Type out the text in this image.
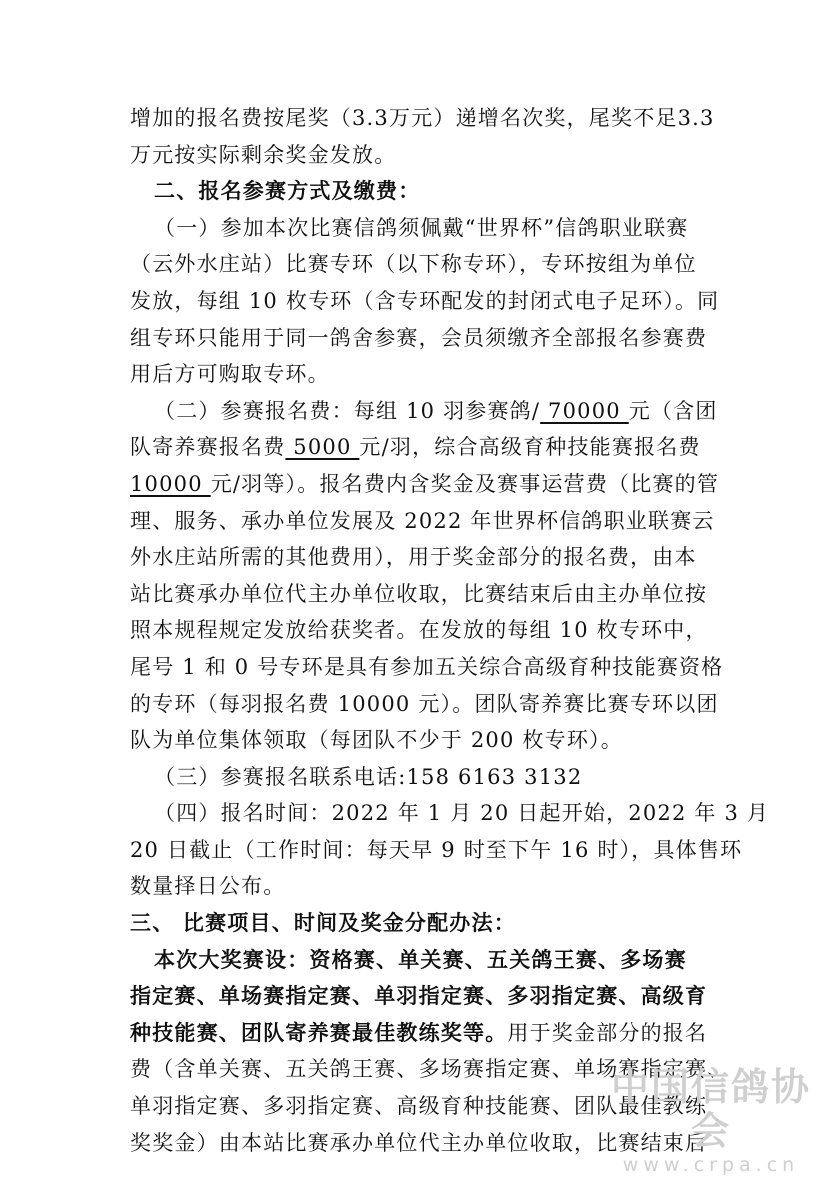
增加的报名费按尾奖（3.3万元）递增名次奖，尾奖不足3.3
万元按实际剩余奖金发放。
二、报名参赛方式及缴费：
（一）参加本次比赛信鸽须佩戴“世界杯”信鸽职业联赛
（云外水庄站）比赛专环（以下称专环），专环按组为单位
发放，每组 10 枚专环（含专环配发的封闭式电子足环）。同
组专环只能用于同一鸽舍参赛，会员须缴齐全部报名参赛费
用后方可购取专环。
（二）参赛报名费：每组 10 羽参赛鸽/ 70000 元（含团
队寄养赛报名费 5000 元/羽，综合高级育种技能赛报名费
10000 元/羽等）。报名费内含奖金及赛事运营费（比赛的管
理、服务、承办单位发展及 2022 年世界杯信鸽职业联赛云
外水庄站所需的其他费用），用于奖金部分的报名费，由本
站比赛承办单位代主办单位收取，比赛结束后由主办单位按
照本规程规定发放给获奖者。在发放的每组 10 枚专环中，
尾号 1 和 0 号专环是具有参加五关综合高级育种技能赛资格
的专环（每羽报名费 10000 元）。团队寄养赛比赛专环以团
队为单位集体领取（每团队不少于 200 枚专环）。
（三）参赛报名联系电话:158 6163 3132
（四）报名时间：2022 年 1 月 20 日起开始，2022 年 3 月
20 日截止（工作时间：每天早 9 时至下午 16 时），具体售环
数量择日公布。
三、 比赛项目、时间及奖金分配办法：
本次大奖赛设：资格赛、单关赛、五关鸽王赛、多场赛
指定赛、单场赛指定赛、单羽指定赛、多羽指定赛、高级育
种技能赛、团队寄养赛最佳教练奖等。用于奖金部分的报名
费（含单关赛、五关鸽王赛、多场赛指定赛、单场赛指定赛、
单羽指定赛、多羽指定赛、高级育种技能赛、团队最佳教练
奖奖金）由本站比赛承办单位代主办单位收取，比赛结束后
中国信鸽协会
www.crpa.cn
